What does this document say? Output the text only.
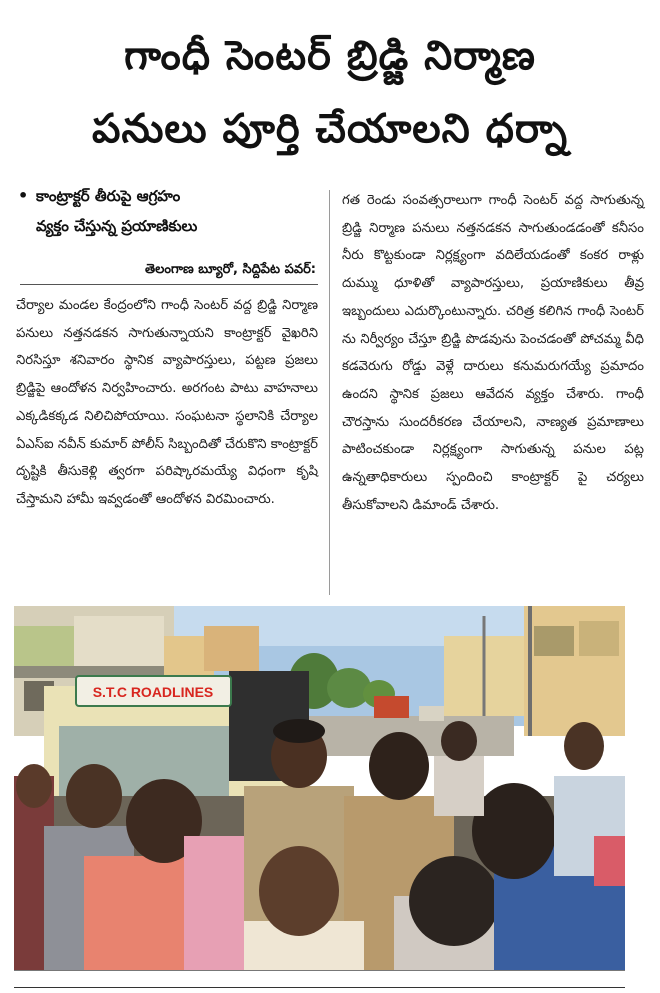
గాంధీ సెంటర్ బ్రిడ్జి నిర్మాణ
పనులు పూర్తి చేయాలని ధర్నా
• కాంట్రాక్టర్ తీరుపై ఆగ్రహం
వ్యక్తం చేస్తున్న ప్రయాణికులు
తెలంగాణ బ్యూరో, సిద్దిపేట పవర్:
చేర్యాల మండల కేంద్రంలోని గాంధీ సెంటర్ వద్ద బ్రిడ్జి నిర్మాణ పనులు నత్తనడకన సాగుతున్నాయని కాంట్రాక్టర్ వైఖరిని నిరసిస్తూ శనివారం స్థానిక వ్యాపారస్తులు, పట్టణ ప్రజలు బ్రిడ్జిపై ఆందోళన నిర్వహించారు. అరగంట పాటు వాహనాలు ఎక్కడికక్కడ నిలిచిపోయాయి. సంఘటనా స్థలానికి చేర్యాల ఏఎస్ఐ నవీన్ కుమార్ పోలీస్ సిబ్బందితో చేరుకొని కాంట్రాక్టర్ దృష్టికి తీసుకెళ్లి త్వరగా పరిష్కారమయ్యే విధంగా కృషి చేస్తామని హామీ ఇవ్వడంతో ఆందోళన విరమించారు.
గత రెండు సంవత్సరాలుగా గాంధీ సెంటర్ వద్ద సాగుతున్న బ్రిడ్జి నిర్మాణ పనులు నత్తనడకన సాగుతుండడంతో కనీసం నీరు కొట్టకుండా నిర్లక్ష్యంగా వదిలేయడంతో కంకర రాళ్లు దుమ్ము ధూళితో వ్యాపారస్తులు, ప్రయాణికులు తీవ్ర ఇబ్బందులు ఎదుర్కొంటున్నారు. చరిత్ర కలిగిన గాంధీ సెంటర్ ను నిర్వీర్యం చేస్తూ బ్రిడ్జి పొడవును పెంచడంతో పోచమ్మ వీధి కడవెరుగు రోడ్డు వెళ్లే దారులు కనుమరుగయ్యే ప్రమాదం ఉందని స్థానిక ప్రజలు ఆవేదన వ్యక్తం చేశారు. గాంధీ చౌరస్తాను సుందరీకరణ చేయాలని, నాణ్యత ప్రమాణాలు పాటించకుండా నిర్లక్ష్యంగా సాగుతున్న పనుల పట్ల ఉన్నతాధికారులు స్పందించి కాంట్రాక్టర్ పై చర్యలు తీసుకోవాలని డిమాండ్ చేశారు.
S.T.C ROADLINES
